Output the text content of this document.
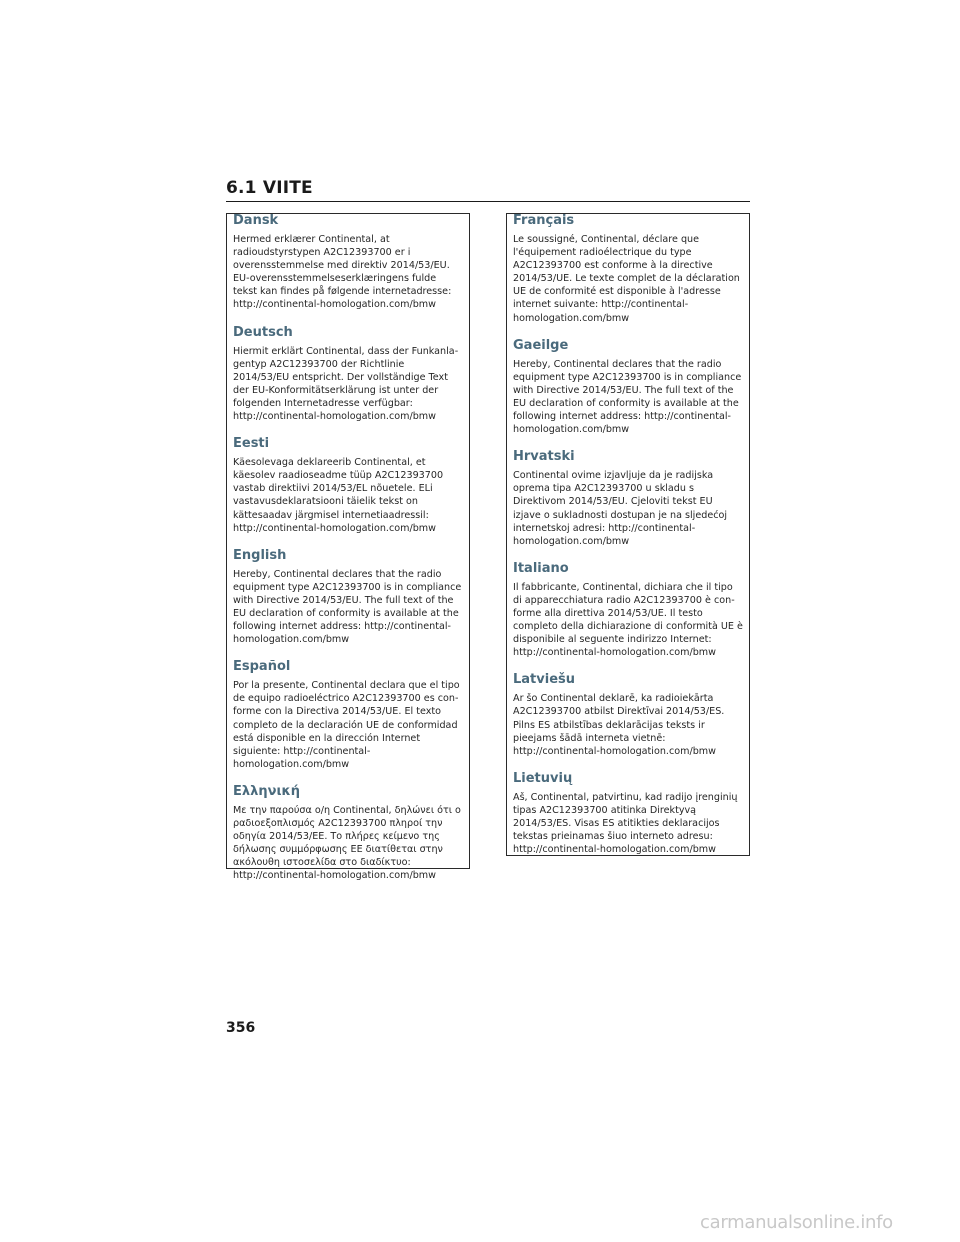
6.1 VIITE
Dansk
Hermed erklærer Continental, at radioudstyrstypen A2C12393700 er i overensstemmelse med direktiv 2014/53/EU. EU-overensstemmelseserklæringens fulde tekst kan findes på følgende internetadresse: http://continental-homologation.com/bmw
Deutsch
Hiermit erklärt Continental, dass der Funkanlagentyp A2C12393700 der Richtlinie 2014/53/EU entspricht. Der vollständige Text der EU-Konformitätserklärung ist unter der folgenden Internetadresse verfügbar: http://continental-homologation.com/bmw
Eesti
Käesolevaga deklareerib Continental, et käesolev raadioseadme tüüp A2C12393700 vastab direktiivi 2014/53/EL nõuetele. ELi vastavusdeklaratsiooni täielik tekst on kättesaadav järgmisel internetiaadressil: http://continental-homologation.com/bmw
English
Hereby, Continental declares that the radio equipment type A2C12393700 is in compliance with Directive 2014/53/EU. The full text of the EU declaration of conformity is available at the following internet address: http://continental-homologation.com/bmw
Español
Por la presente, Continental declara que el tipo de equipo radioeléctrico A2C12393700 es conforme con la Directiva 2014/53/UE. El texto completo de la declaración UE de conformidad está disponible en la dirección Internet siguiente: http://continental-homologation.com/bmw
Ελληνική
Με την παρούσα ο/η Continental, δηλώνει ότι ο ραδιοεξοπλισμός A2C12393700 πληροί την οδηγία 2014/53/ΕΕ. Το πλήρες κείμενο της δήλωσης συμμόρφωσης ΕΕ διατίθεται στην ακόλουθη ιστοσελίδα στο διαδίκτυο: http://continental-homologation.com/bmw
Français
Le soussigné, Continental, déclare que l'équipement radioélectrique du type A2C12393700 est conforme à la directive 2014/53/UE. Le texte complet de la déclaration UE de conformité est disponible à l'adresse internet suivante: http://continental-homologation.com/bmw
Gaeilge
Hereby, Continental declares that the radio equipment type A2C12393700 is in compliance with Directive 2014/53/EU. The full text of the EU declaration of conformity is available at the following internet address: http://continental-homologation.com/bmw
Hrvatski
Continental ovime izjavljuje da je radijska oprema tipa A2C12393700 u skladu s Direktivom 2014/53/EU. Cjeloviti tekst EU izjave o sukladnosti dostupan je na sljedećoj internetskoj adresi: http://continental-homologation.com/bmw
Italiano
Il fabbricante, Continental, dichiara che il tipo di apparecchiatura radio A2C12393700 è conforme alla direttiva 2014/53/UE. Il testo completo della dichiarazione di conformità UE è disponibile al seguente indirizzo Internet: http://continental-homologation.com/bmw
Latviešu
Ar šo Continental deklarē, ka radioiekārta A2C12393700 atbilst Direktīvai 2014/53/ES. Pilns ES atbilstības deklarācijas teksts ir pieejams šādā interneta vietnē: http://continental-homologation.com/bmw
Lietuvių
Aš, Continental, patvirtinu, kad radijo įrenginių tipas A2C12393700 atitinka Direktyvą 2014/53/ES. Visas ES atitikties deklaracijos tekstas prieinamas šiuo interneto adresu: http://continental-homologation.com/bmw
356
carmanualsonline.info
